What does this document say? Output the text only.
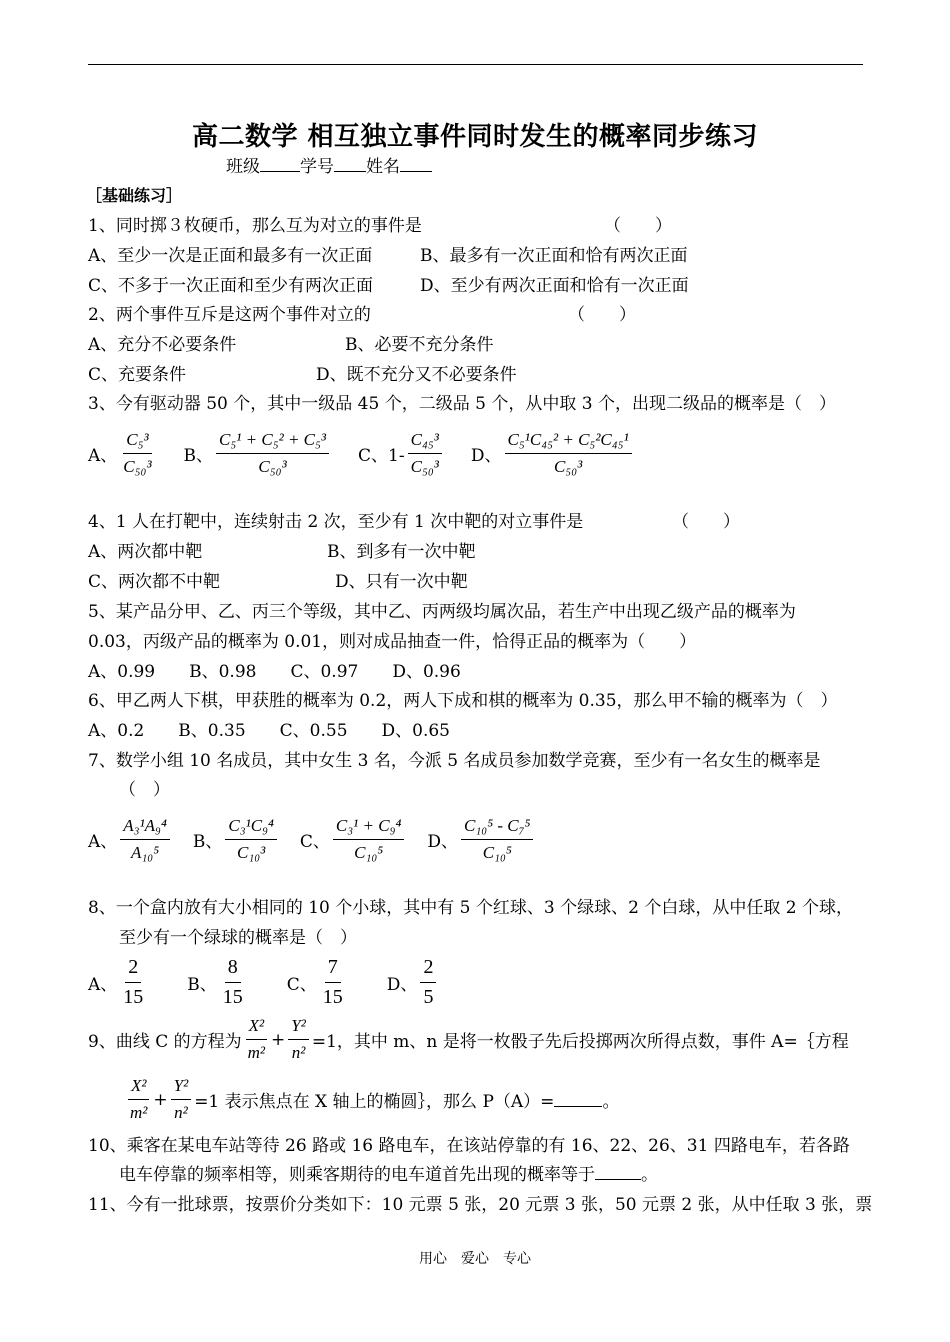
高二数学 相互独立事件同时发生的概率同步练习
班级 学号 姓名
［基础练习］
1、同时掷３枚硬币，那么互为对立的事件是	（　　）
A、至少一次是正面和最多有一次正面	B、最多有一次正面和恰有两次正面
C、不多于一次正面和至少有两次正面	D、至少有两次正面和恰有一次正面
2、两个事件互斥是这两个事件对立的	（　　）
A、充分不必要条件	B、必要不充分条件
C、充要条件	D、既不充分又不必要条件
3、今有驱动器 50 个，其中一级品 45 个，二级品 5 个，从中取 3 个，出现二级品的概率是（　）
A、 $\frac{\text{C₅³}}{\text{C₅₀³}}$ B、 $\frac{\text{C₅¹ + C₅² + C₅³}}{\text{C₅₀³}}$ C、$1- \frac{\text{C₄₅³}}{\text{C₅₀³}}$ D、 $\frac{\text{C₅¹C₄₅² + C₅²C₄₅¹}}{\text{C₅₀³}}$
4、1 人在打靶中，连续射击 2 次，至少有 1 次中靶的对立事件是	（　　）
A、两次都中靶	B、到多有一次中靶
C、两次都不中靶	D、只有一次中靶
5、某产品分甲、乙、丙三个等级，其中乙、丙两级均属次品，若生产中出现乙级产品的概率为
0.03，丙级产品的概率为 0.01，则对成品抽查一件，恰得正品的概率为（　　）
A、0.99　　B、0.98　　C、0.97　　D、0.96
6、甲乙两人下棋，甲获胜的概率为 0.2，两人下成和棋的概率为 0.35，那么甲不输的概率为（　）
A、0.2　　B、0.35　　C、0.55　　D、0.65
7、数学小组 10 名成员，其中女生 3 名，今派 5 名成员参加数学竞赛，至少有一名女生的概率是
（　）
A、 $\frac{\text{A₃¹A₉⁴}}{\text{A₁₀⁵}}$ B、 $\frac{\text{C₃¹C₉⁴}}{\text{C₁₀³}}$ C、 $\frac{\text{C₃¹ + C₉⁴}}{\text{C₁₀⁵}}$ D、 $\frac{\text{C₁₀⁵ - C₇⁵}}{\text{C₁₀⁵}}$
8、一个盒内放有大小相同的 10 个小球，其中有 5 个红球、3 个绿球、2 个白球，从中任取 2 个球，
至少有一个绿球的概率是（　）
A、 $\frac{2}{15}$ B、 $\frac{8}{15}$ C、 $\frac{7}{15}$ D、 $\frac{2}{5}$
9、曲线 C 的方程为 $\frac{\text{X²}}{\text{m²}} + \frac{\text{Y²}}{\text{n²}} =1$，其中 m、n 是将一枚骰子先后投掷两次所得点数，事件 A=｛方程
$\frac{\text{X²}}{\text{m²}} + \frac{\text{Y²}}{\text{n²}} =1$ 表示焦点在 X 轴上的椭圆｝，那么 P（A）=	。
10、乘客在某电车站等待 26 路或 16 路电车，在该站停靠的有 16、22、26、31 四路电车，若各路
电车停靠的频率相等，则乘客期待的电车道首先出现的概率等于	。
11、今有一批球票，按票价分类如下：10 元票 5 张，20 元票 3 张，50 元票 2 张，从中任取 3 张，票
用心　爱心　专心
